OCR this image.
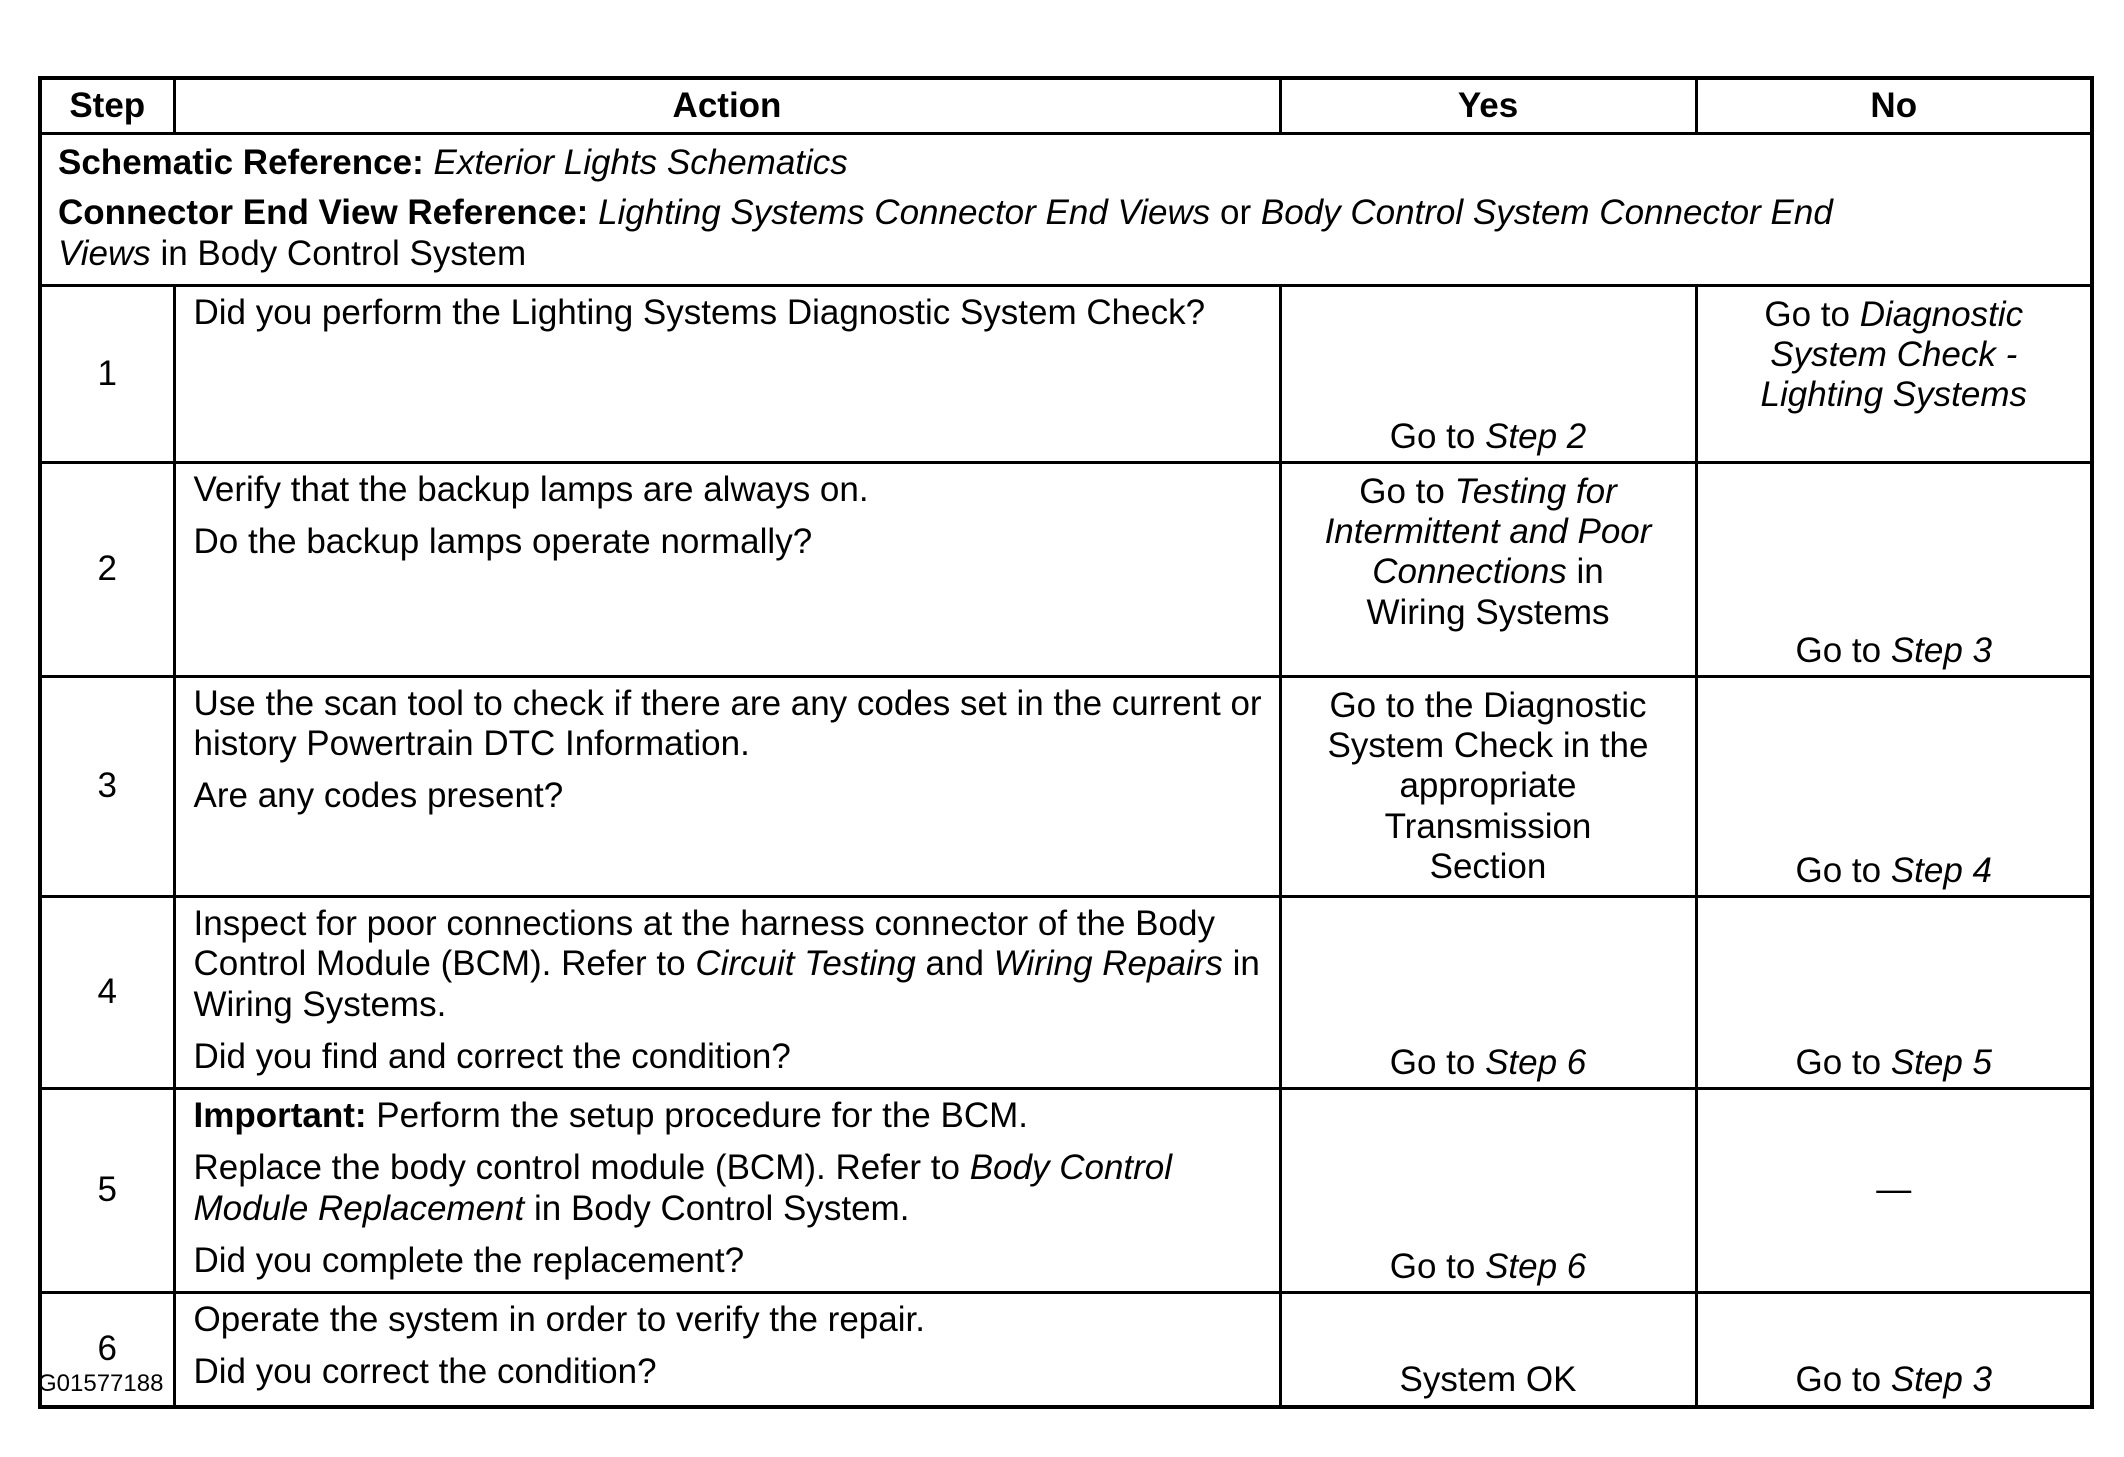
Step	Action	Yes	No

Schematic Reference: Exterior Lights Schematics

Connector End View Reference: Lighting Systems Connector End Views or Body Control System Connector End Views in Body Control System			

1	Did you perform the Lighting Systems Diagnostic System Check?	Go to Step 2	Go to Diagnostic System Check - Lighting Systems
2	Verify that the backup lamps are always on.

Do the backup lamps operate normally?	Go to Testing for Intermittent and Poor Connections in Wiring Systems	Go to Step 3
3	Use the scan tool to check if there are any codes set in the current or history Powertrain DTC Information.

Are any codes present?	Go to the Diagnostic System Check in the appropriate Transmission Section	Go to Step 4
4	Inspect for poor connections at the harness connector of the Body Control Module (BCM). Refer to Circuit Testing and Wiring Repairs in Wiring Systems.

Did you find and correct the condition?	Go to Step 6	Go to Step 5
5	Important: Perform the setup procedure for the BCM.

Replace the body control module (BCM). Refer to Body Control Module Replacement in Body Control System.

Did you complete the replacement?	Go to Step 6	—
6	Operate the system in order to verify the repair.

Did you correct the condition?	System OK	Go to Step 3
G01577188
